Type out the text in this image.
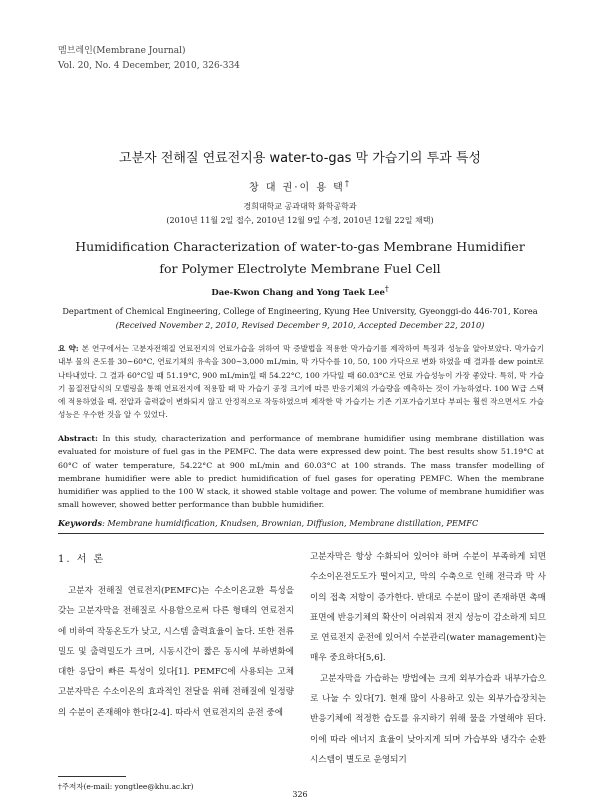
멤브레인(Membrane Journal)
Vol. 20, No. 4 December, 2010, 326-334
고분자 전해질 연료전지용 water-to-gas 막 가습기의 투과 특성
창 대 권·이 용 택†
경희대학교 공과대학 화학공학과
(2010년 11월 2일 접수, 2010년 12월 9일 수정, 2010년 12월 22일 채택)
Humidification Characterization of water-to-gas Membrane Humidifier
for Polymer Electrolyte Membrane Fuel Cell
Dae-Kwon Chang and Yong Taek Lee†
Department of Chemical Engineering, College of Engineering, Kyung Hee University, Gyeonggi-do 446-701, Korea
(Received November 2, 2010, Revised December 9, 2010, Accepted December 22, 2010)
요 약: 본 연구에서는 고분자전해질 연료전지의 연료가습을 위하여 막 증발법을 적용한 막가습기를 제작하여 특징과 성능을 알아보았다. 막가습기 내부 물의 온도를 30∼60°C, 연료기체의 유속을 300∼3,000 mL/min, 막 가닥수를 10, 50, 100 가닥으로 변화 하였을 때 결과를 dew point로 나타내었다. 그 결과 60°C일 때 51.19°C, 900 mL/min일 때 54.22°C, 100 가닥일 때 60.03°C로 연료 가습성능이 가장 좋았다. 특히, 막 가습기 물질전달식의 모델링을 통해 연료전지에 적용할 때 막 가습기 공정 크기에 따른 반응기체의 가습량을 예측하는 것이 가능하였다. 100 W급 스택에 적용하였을 때, 전압과 출력값이 변화되지 않고 안정적으로 작동하였으며 제작한 막 가습기는 기존 기포가습기보다 부피는 훨씬 작으면서도 가습 성능은 우수한 것을 알 수 있었다.
Abstract: In this study, characterization and performance of membrane humidifier using membrane distillation was evaluated for moisture of fuel gas in the PEMFC. The data were expressed dew point. The best results show 51.19°C at 60°C of water temperature, 54.22°C at 900 mL/min and 60.03°C at 100 strands. The mass transfer modelling of membrane humidifier were able to predict humidification of fuel gases for operating PEMFC. When the membrane humidifier was applied to the 100 W stack, it showed stable voltage and power. The volume of membrane humidifier was small however, showed better performance than bubble humidifier.
Keywords: Membrane humidification, Knudsen, Brownian, Diffusion, Membrane distillation, PEMFC
1. 서 론

고분자 전해질 연료전지(PEMFC)는 수소이온교환 특성을 갖는 고분자막을 전해질로 사용함으로써 다른 형태의 연료전지에 비하여 작동온도가 낮고, 시스템 출력효율이 높다. 또한 전류밀도 및 출력밀도가 크며, 시동시간이 짧은 동시에 부하변화에 대한 응답이 빠른 특성이 있다[1]. PEMFC에 사용되는 고체 고분자막은 수소이온의 효과적인 전달을 위해 전해질에 일정량의 수분이 존재해야 한다[2-4]. 따라서 연료전지의 운전 중에

고분자막은 항상 수화되어 있어야 하며 수분이 부족하게 되면 수소이온전도도가 떨어지고, 막의 수축으로 인해 전극과 막 사이의 접촉 저항이 증가한다. 반대로 수분이 많이 존재하면 촉매 표면에 반응기체의 확산이 어려워져 전지 성능이 감소하게 되므로 연료전지 운전에 있어서 수분관리(water management)는 매우 중요하다[5,6].

고분자막을 가습하는 방법에는 크게 외부가습과 내부가습으로 나눌 수 있다[7]. 현재 많이 사용하고 있는 외부가습장치는 반응기체에 적정한 습도를 유지하기 위해 물을 가열해야 된다. 이에 따라 에너지 효율이 낮아지게 되며 가습부와 냉각수 순환 시스템이 별도로 운영되기

†주저자(e-mail: yongtlee@khu.ac.kr)
326
